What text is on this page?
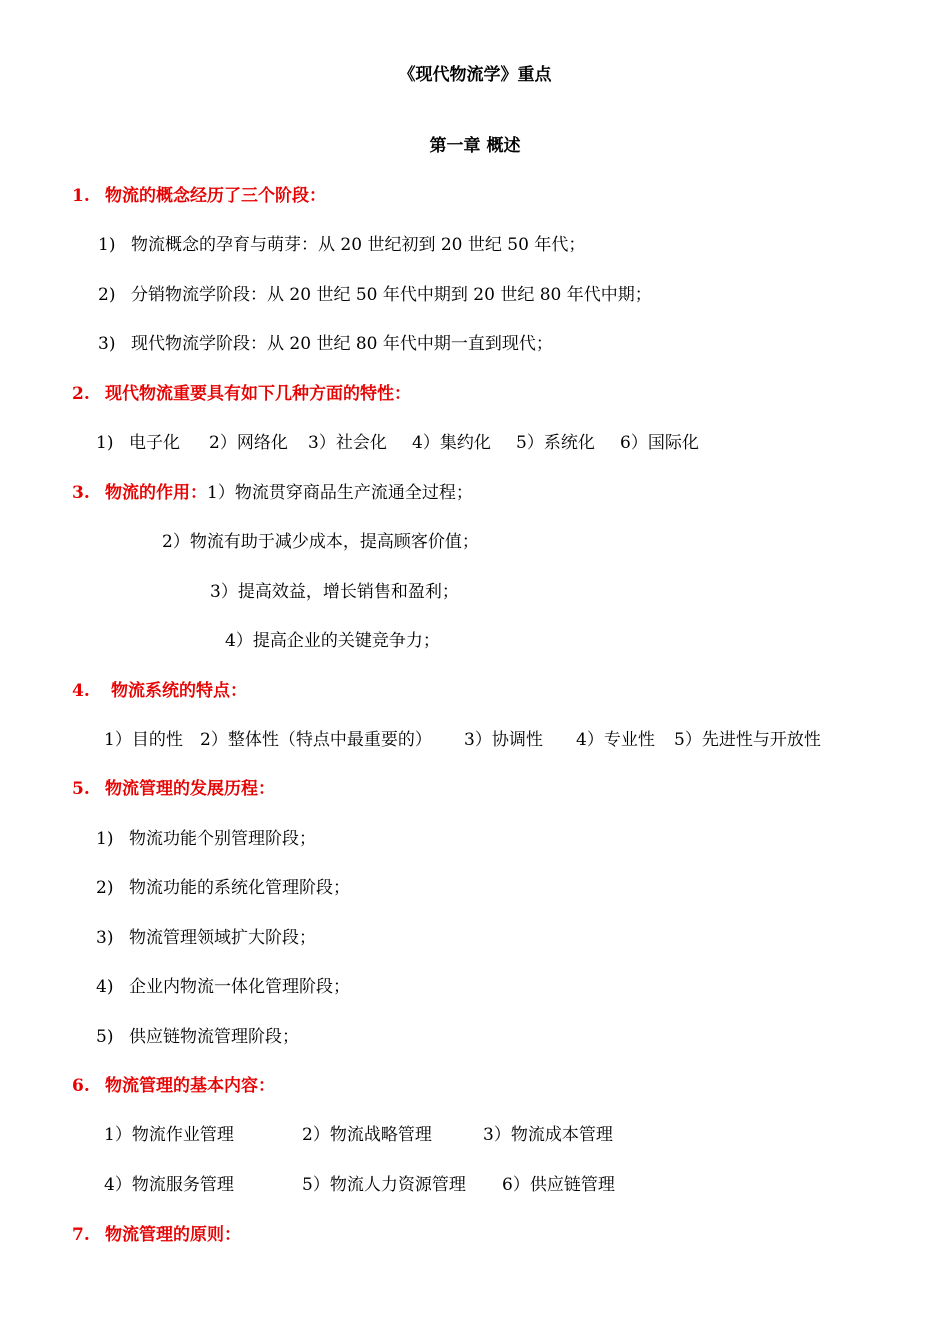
《现代物流学》重点
第一章 概述
1. 物流的概念经历了三个阶段：
1) 物流概念的孕育与萌芽：从 20 世纪初到 20 世纪 50 年代；
2) 分销物流学阶段：从 20 世纪 50 年代中期到 20 世纪 80 年代中期；
3) 现代物流学阶段：从 20 世纪 80 年代中期一直到现代；
2. 现代物流重要具有如下几种方面的特性：
1) 电子化 2）网络化 3）社会化 4）集约化 5）系统化 6）国际化
3. 物流的作用：1）物流贯穿商品生产流通全过程；
2）物流有助于减少成本，提高顾客价值；
3）提高效益，增长销售和盈利；
4）提高企业的关键竞争力；
4. 物流系统的特点：
1）目的性 2）整体性（特点中最重要的） 3）协调性 4）专业性 5）先进性与开放性
5. 物流管理的发展历程：
1) 物流功能个别管理阶段；
2) 物流功能的系统化管理阶段；
3) 物流管理领域扩大阶段；
4) 企业内物流一体化管理阶段；
5) 供应链物流管理阶段；
6. 物流管理的基本内容：
1）物流作业管理	2）物流战略管理	3）物流成本管理
4）物流服务管理	5）物流人力资源管理 6）供应链管理
7. 物流管理的原则：
